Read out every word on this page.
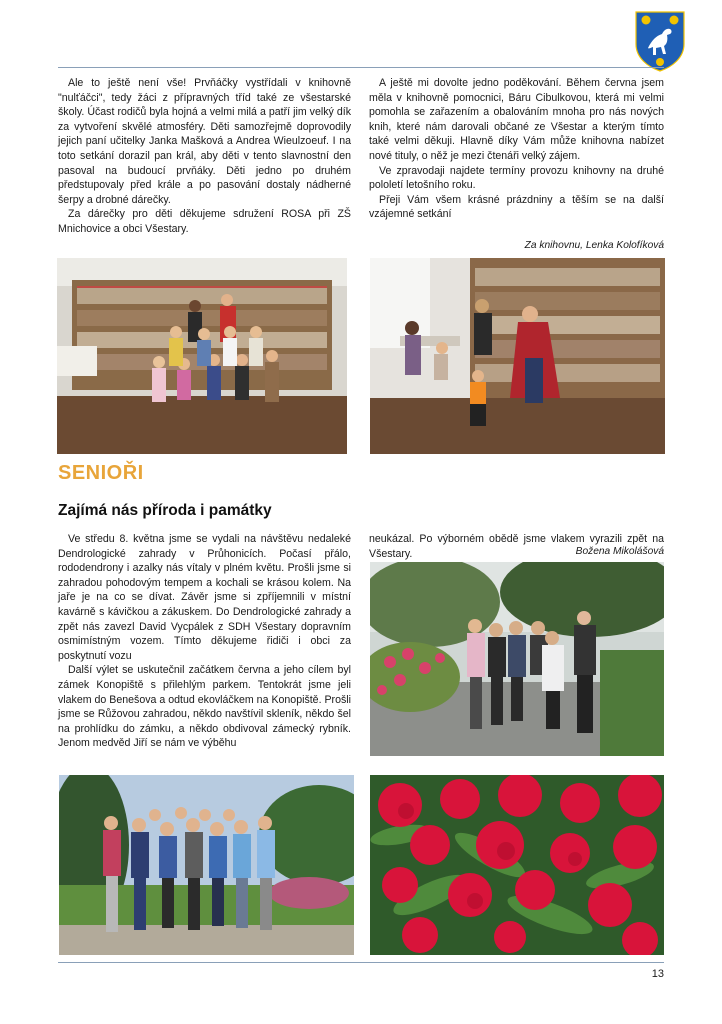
Ale to ještě není vše! Prvňáčky vystřídali v knihovně "nulťáčci", tedy žáci z přípravných tříd také ze všestarské školy. Účast rodičů byla hojná a velmi milá a patří jim velký dík za vytvoření skvělé atmosféry. Děti samozřejmě doprovodily jejich paní učitelky Janka Mašková a Andrea Wieulzoeuf. I na toto setkání dorazil pan král, aby děti v tento slavnostní den pasoval na budoucí prvňáky. Děti jedno po druhém předstupovaly před krále a po pasování dostaly nádherné šerpy a drobné dárečky.

Za dárečky pro děti děkujeme sdružení ROSA při ZŠ Mnichovice a obci Všestary.

A ještě mi dovolte jedno poděkování. Během června jsem měla v knihovně pomocnici, Báru Cibulkovou, která mi velmi pomohla se zařazením a obalováním mnoha pro nás nových knih, které nám darovali občané ze Všestar a kterým tímto také velmi děkuji. Hlavně díky Vám může knihovna nabízet nové tituly, o něž je mezi čtenáři velký zájem.

Ve zpravodaji najdete termíny provozu knihovny na druhé pololetí letošního roku.

Přeji Vám všem krásné prázdniny a těším se na další vzájemné setkání

Za knihovnu, Lenka Kolofíková
SENIOŘI
Zajímá nás příroda i památky

Ve středu 8. května jsme se vydali na návštěvu nedaleké Dendrologické zahrady v Průhonicích. Počasí přálo, rododendrony i azalky nás vítaly v plném květu. Prošli jsme si zahradou pohodovým tempem a kochali se krásou kolem. Na jaře je na co se dívat. Závěr jsme si zpříjemnili v místní kavárně s kávičkou a zákuskem. Do Dendrologické zahrady a zpět nás zavezl David Vycpálek z SDH Všestary dopravním osmimístným vozem. Tímto děkujeme řidiči i obci za poskytnutí vozu

Další výlet se uskutečnil začátkem června a jeho cílem byl zámek Konopiště s přilehlým parkem. Tentokrát jsme jeli vlakem do Benešova a odtud ekovláčkem na Konopiště. Prošli jsme se Růžovou zahradou, někdo navštívil skleník, někdo šel na prohlídku do zámku, a někdo obdivoval zámecký rybník. Jenom medvěd Jiří se nám ve výběhu

neukázal. Po výborném obědě jsme vlakem vyrazili zpět na Všestary.	Božena Mikolášová
13
